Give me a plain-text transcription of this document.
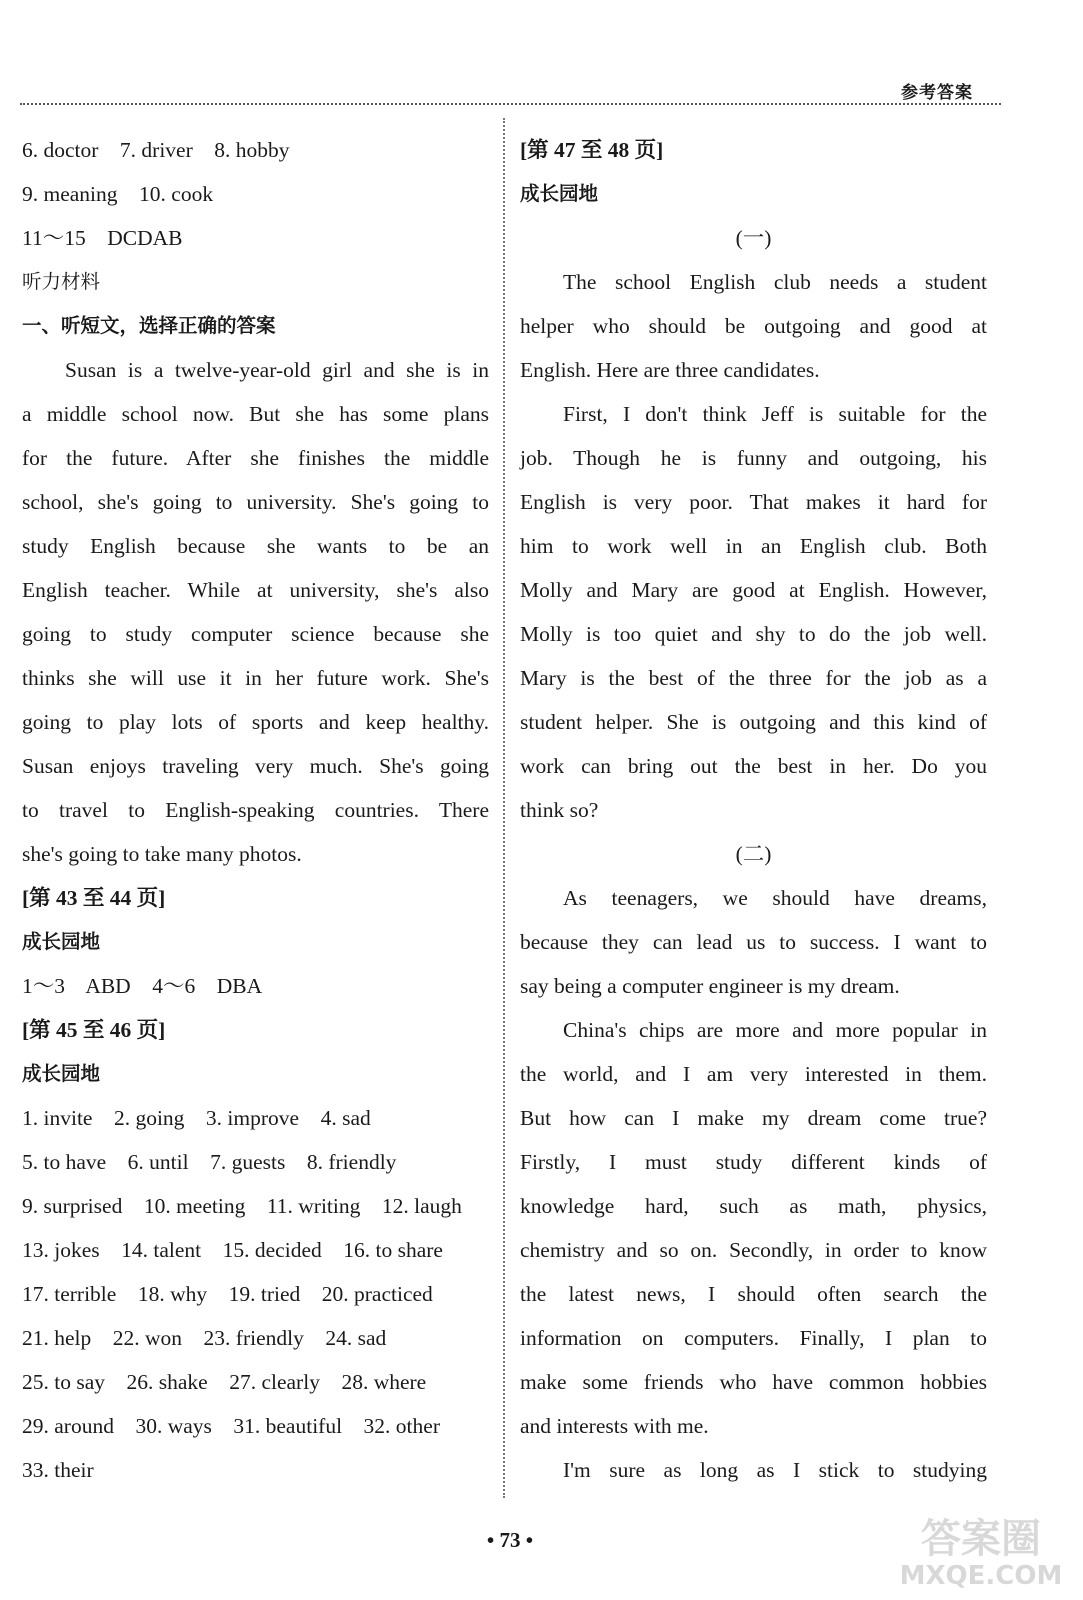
参考答案
6. doctor    7. driver    8. hobby
9. meaning    10. cook
11～15    DCDAB
听力材料
一、听短文，选择正确的答案
Susan is a twelve-year-old girl and she is in
a middle school now. But she has some plans
for the future. After she finishes the middle
school, she's going to university. She's going to
study English because she wants to be an
English teacher. While at university, she's also
going to study computer science because she
thinks she will use it in her future work. She's
going to play lots of sports and keep healthy.
Susan enjoys traveling very much. She's going
to travel to English-speaking countries. There
she's going to take many photos.
[第 43 至 44 页]
成长园地
1～3    ABD    4～6    DBA
[第 45 至 46 页]
成长园地
1. invite    2. going    3. improve    4. sad
5. to have    6. until    7. guests    8. friendly
9. surprised    10. meeting    11. writing    12. laugh
13. jokes    14. talent    15. decided    16. to share
17. terrible    18. why    19. tried    20. practiced
21. help    22. won    23. friendly    24. sad
25. to say    26. shake    27. clearly    28. where
29. around    30. ways    31. beautiful    32. other
33. their
[第 47 至 48 页]
成长园地
(一)
The school English club needs a student
helper who should be outgoing and good at
English. Here are three candidates.
First, I don't think Jeff is suitable for the
job. Though he is funny and outgoing, his
English is very poor. That makes it hard for
him to work well in an English club. Both
Molly and Mary are good at English. However,
Molly is too quiet and shy to do the job well.
Mary is the best of the three for the job as a
student helper. She is outgoing and this kind of
work can bring out the best in her. Do you
think so?
(二)
As teenagers, we should have dreams,
because they can lead us to success. I want to
say being a computer engineer is my dream.
China's chips are more and more popular in
the world, and I am very interested in them.
But how can I make my dream come true?
Firstly, I must study different kinds of
knowledge hard, such as math, physics,
chemistry and so on. Secondly, in order to know
the latest news, I should often search the
information on computers. Finally, I plan to
make some friends who have common hobbies
and interests with me.
I'm sure as long as I stick to studying
• 73 •	答案圈
MXQE.COM
